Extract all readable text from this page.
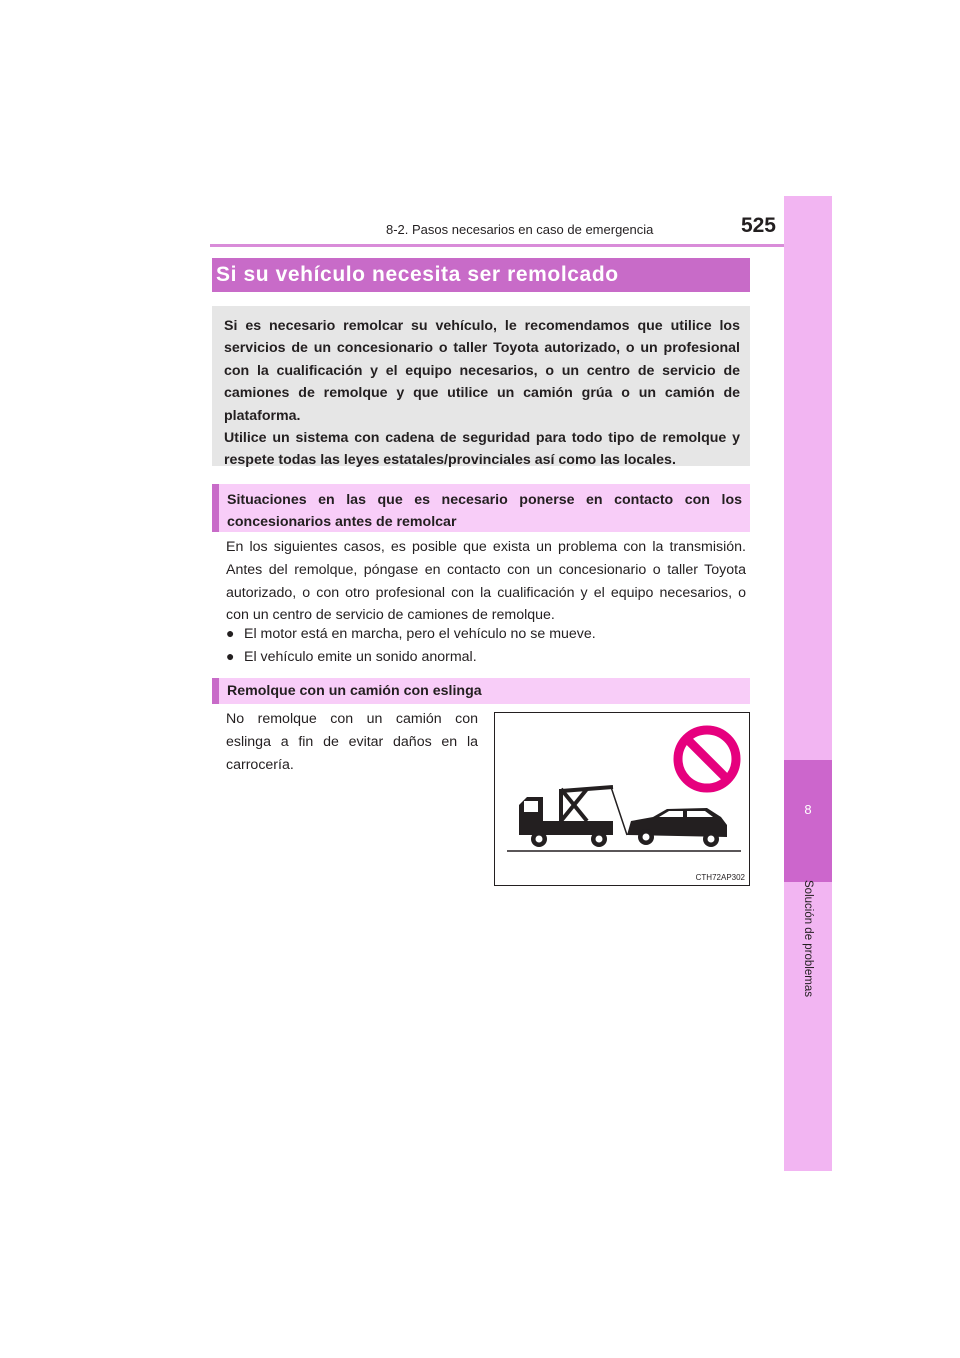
8-2. Pasos necesarios en caso de emergencia	525
8
Solución de problemas
Si su vehículo necesita ser remolcado

Si es necesario remolcar su vehículo, le recomendamos que utilice los servicios de un concesionario o taller Toyota autorizado, o un profesional con la cualificación y el equipo necesarios, o un centro de servicio de camiones de remolque y que utilice un camión grúa o un camión de plataforma.

Utilice un sistema con cadena de seguridad para todo tipo de remolque y respete todas las leyes estatales/provinciales así como las locales.

Situaciones en las que es necesario ponerse en contacto con los concesionarios antes de remolcar
En los siguientes casos, es posible que exista un problema con la transmisión. Antes del remolque, póngase en contacto con un concesionario o taller Toyota autorizado, o con otro profesional con la cualificación y el equipo necesarios, o con un centro de servicio de camiones de remolque.
● El motor está en marcha, pero el vehículo no se mueve.
● El vehículo emite un sonido anormal.
Remolque con un camión con eslinga
No remolque con un camión con eslinga a fin de evitar daños en la carrocería.
CTH72AP302
